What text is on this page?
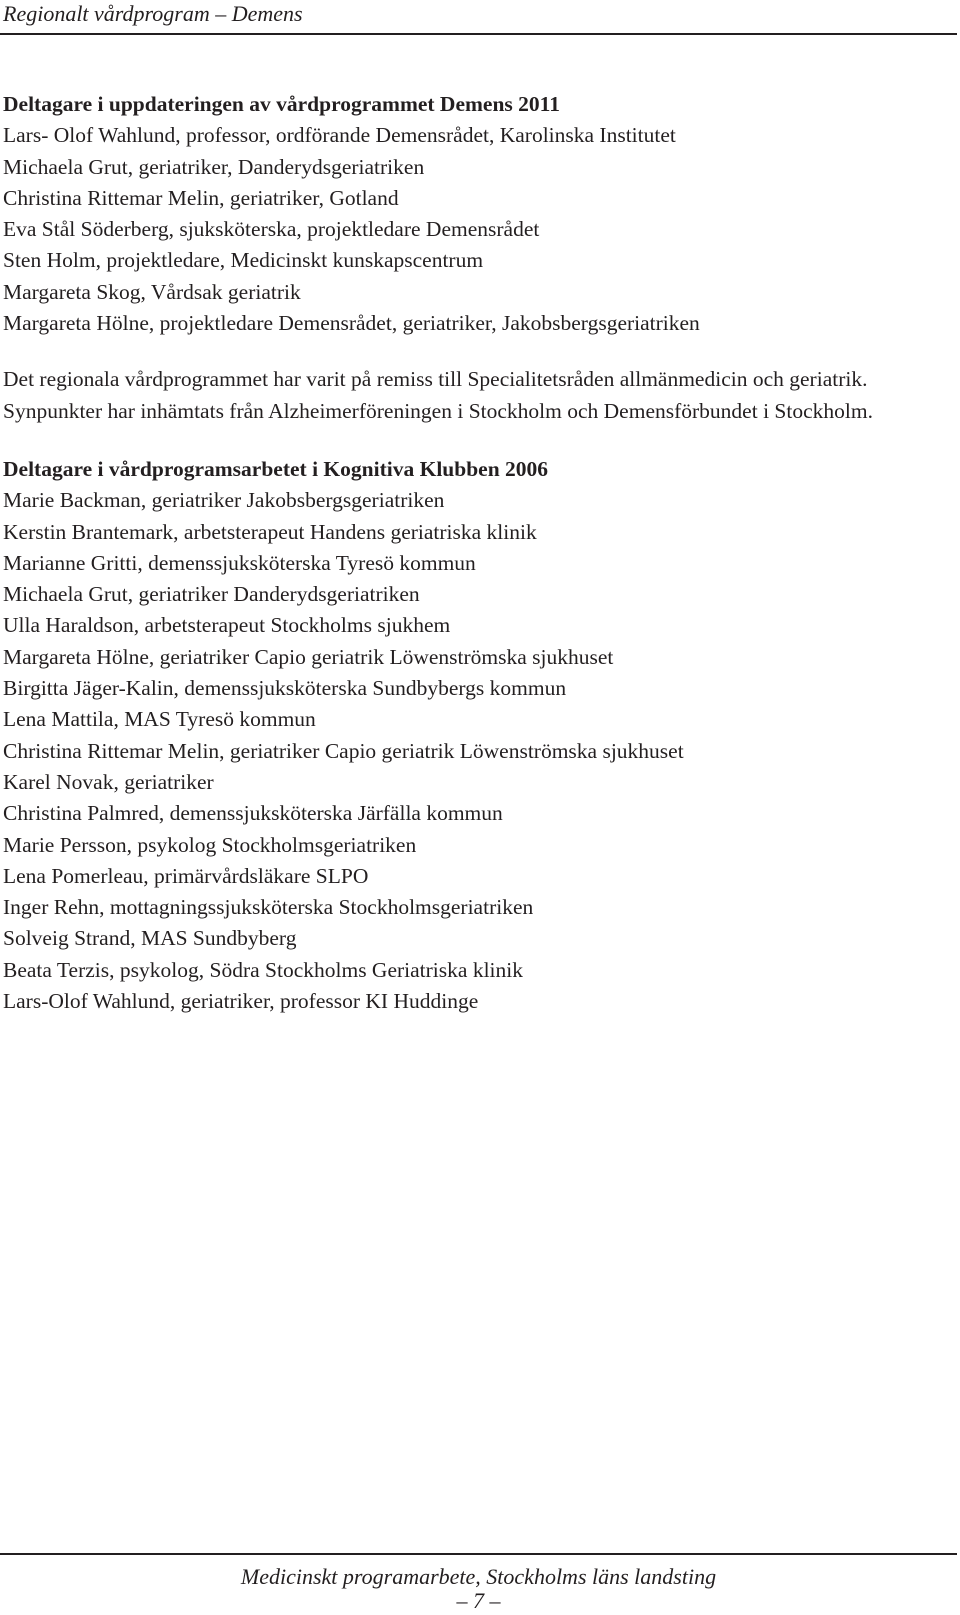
Regionalt vårdprogram – Demens
Deltagare i uppdateringen av vårdprogrammet Demens 2011
Lars- Olof Wahlund, professor, ordförande Demensrådet, Karolinska Institutet
Michaela Grut, geriatriker, Danderydsgeriatriken
Christina Rittemar Melin, geriatriker, Gotland
Eva Stål Söderberg, sjuksköterska, projektledare Demensrådet
Sten Holm, projektledare, Medicinskt kunskapscentrum
Margareta Skog, Vårdsak geriatrik
Margareta Hölne, projektledare Demensrådet, geriatriker, Jakobsbergsgeriatriken

Det regionala vårdprogrammet har varit på remiss till Specialitetsråden allmänmedicin och geriatrik. Synpunkter har inhämtats från Alzheimerföreningen i Stockholm och Demensförbundet i Stockholm.

Deltagare i vårdprogramsarbetet i Kognitiva Klubben 2006
Marie Backman, geriatriker Jakobsbergsgeriatriken
Kerstin Brantemark, arbetsterapeut Handens geriatriska klinik
Marianne Gritti, demenssjuksköterska Tyresö kommun
Michaela Grut, geriatriker Danderydsgeriatriken
Ulla Haraldson, arbetsterapeut Stockholms sjukhem
Margareta Hölne, geriatriker Capio geriatrik Löwenströmska sjukhuset
Birgitta Jäger-Kalin, demenssjuksköterska Sundbybergs kommun
Lena Mattila, MAS Tyresö kommun
Christina Rittemar Melin, geriatriker Capio geriatrik Löwenströmska sjukhuset
Karel Novak, geriatriker
Christina Palmred, demenssjuksköterska Järfälla kommun
Marie Persson, psykolog Stockholmsgeriatriken
Lena Pomerleau, primärvårdsläkare SLPO
Inger Rehn, mottagningssjuksköterska Stockholmsgeriatriken
Solveig Strand, MAS Sundbyberg
Beata Terzis, psykolog, Södra Stockholms Geriatriska klinik
Lars-Olof Wahlund, geriatriker, professor KI Huddinge
Medicinskt programarbete, Stockholms läns landsting
– 7 –
